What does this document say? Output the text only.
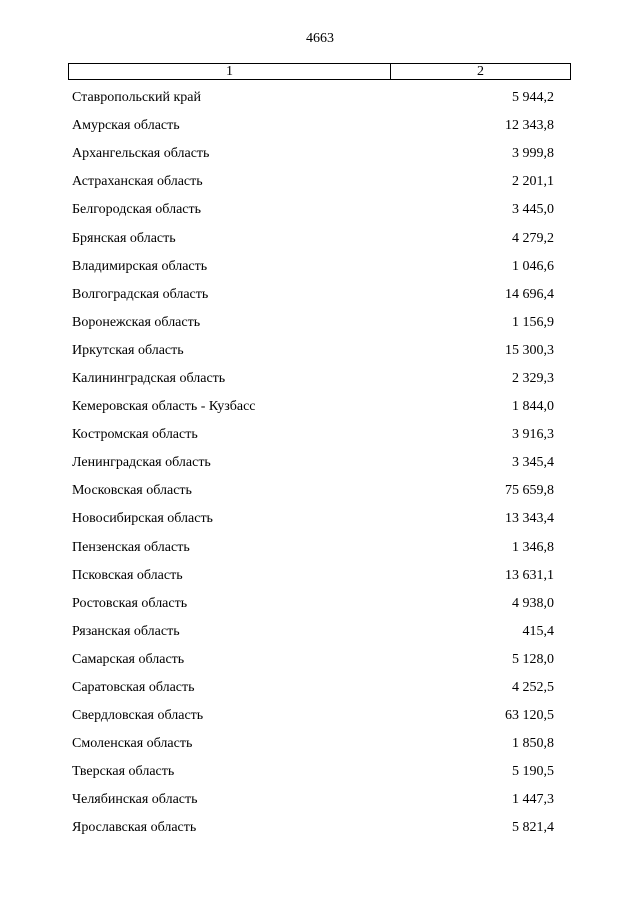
4663
1	2
Ставропольский край	5 944,2
Амурская область	12 343,8
Архангельская область	3 999,8
Астраханская область	2 201,1
Белгородская область	3 445,0
Брянская область	4 279,2
Владимирская область	1 046,6
Волгоградская область	14 696,4
Воронежская область	1 156,9
Иркутская область	15 300,3
Калининградская область	2 329,3
Кемеровская область - Кузбасс	1 844,0
Костромская область	3 916,3
Ленинградская область	3 345,4
Московская область	75 659,8
Новосибирская область	13 343,4
Пензенская область	1 346,8
Псковская область	13 631,1
Ростовская область	4 938,0
Рязанская область	415,4
Самарская область	5 128,0
Саратовская область	4 252,5
Свердловская область	63 120,5
Смоленская область	1 850,8
Тверская область	5 190,5
Челябинская область	1 447,3
Ярославская область	5 821,4
